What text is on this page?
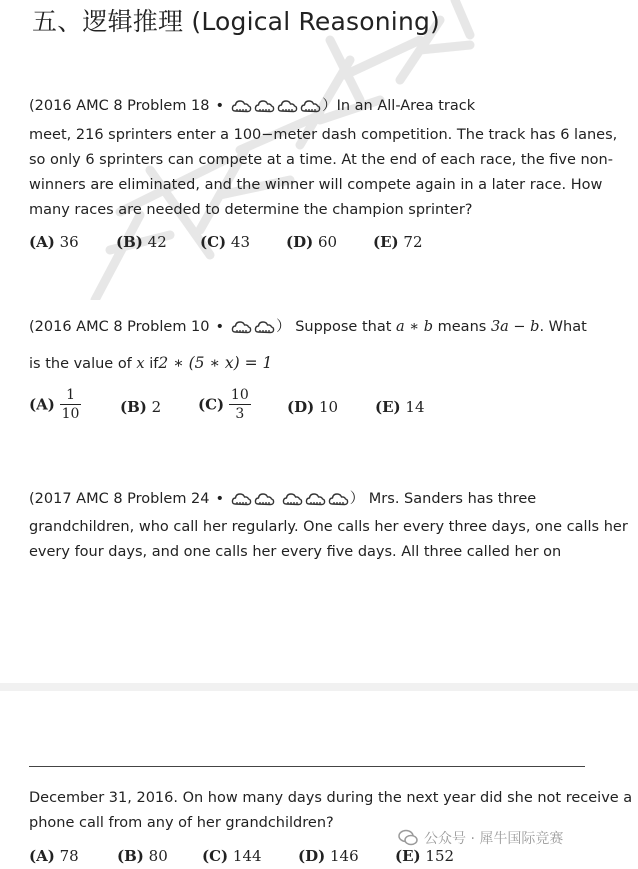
五、逻辑推理 (Logical Reasoning)
(2016 AMC 8 Problem 18 •	）In an All-Area track
meet, 216 sprinters enter a 100−meter dash competition. The track has 6 lanes,
so only 6 sprinters can compete at a time. At the end of each race, the five non-
winners are eliminated, and the winner will compete again in a later race. How
many races are needed to determine the champion sprinter?
(A) 36 (B) 42 (C) 43 (D) 60 (E) 72
(2016 AMC 8 Problem 10 •	） Suppose that a ∗ b means 3a − b. What
is the value of x if2 ∗ (5 ∗ x) = 1
$(A) \frac{1}{10}$	(B) 2 $(C) \frac{10}{3} (D)$ 10 (E) 14
(2017 AMC 8 Problem 24 •
	） Mrs. Sanders has three
grandchildren, who call her regularly. One calls her every three days, one calls her
every four days, and one calls her every five days. All three called her on
December 31, 2016. On how many days during the next year did she not receive a
phone call from any of her grandchildren?
(A) 78	(B) 80 (C) 144 (D) 146 (E) 152
公众号 · 犀牛国际竞赛
